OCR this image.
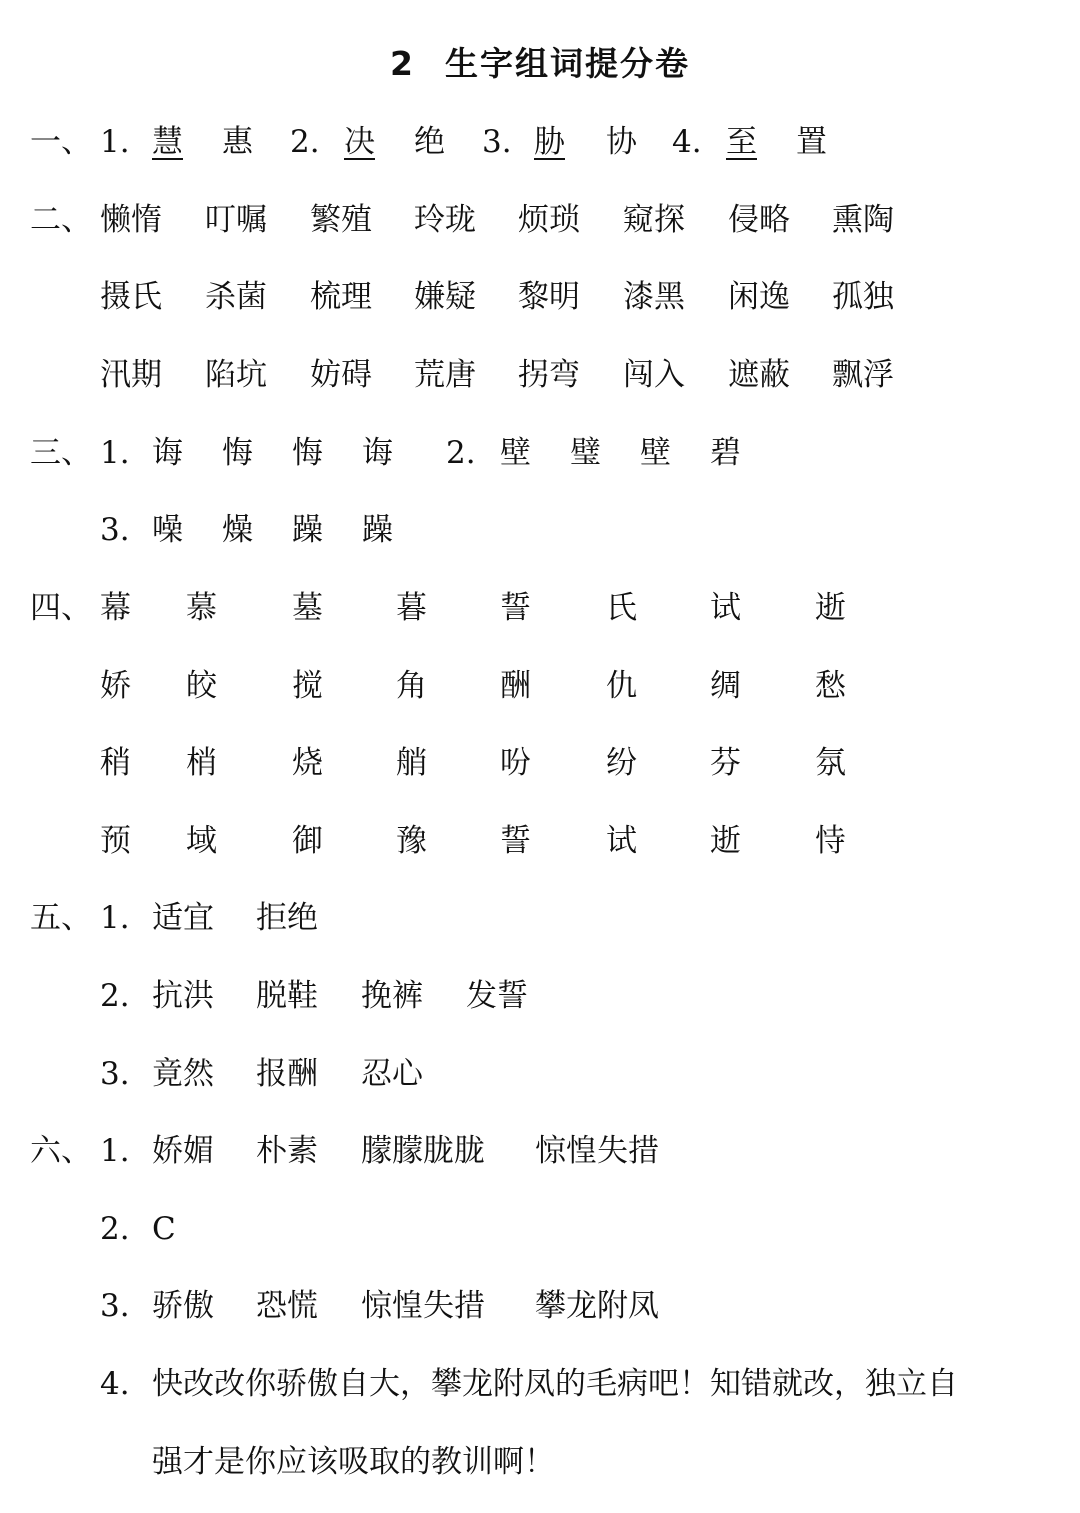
2 生字组词提分卷
一、 1. 慧 惠 2. 决 绝 3. 胁 协 4. 至 置
二、 懒惰 叮嘱 繁殖 玲珑 烦琐 窥探 侵略 熏陶
摄氏 杀菌 梳理 嫌疑 黎明 漆黑 闲逸 孤独
汛期 陷坑 妨碍 荒唐 拐弯 闯入 遮蔽 飘浮
三、 1. 诲 悔 悔 诲 2. 壁 璧 壁 碧
3. 噪 燥 躁 躁
四、 幕 慕 墓 暮 誓 氏 试 逝
娇 皎 搅 角 酬 仇 绸 愁
稍 梢 烧 艄 吩 纷 芬 氛
预 域 御 豫 誓 试 逝 恃
五、 1. 适宜 拒绝
2. 抗洪 脱鞋 挽裤 发誓
3. 竟然 报酬 忍心
六、 1. 娇媚 朴素 朦朦胧胧 惊惶失措
2. C
3. 骄傲 恐慌 惊惶失措 攀龙附凤
4. 快改改你骄傲自大，攀龙附凤的毛病吧！知错就改，独立自
强才是你应该吸取的教训啊！
